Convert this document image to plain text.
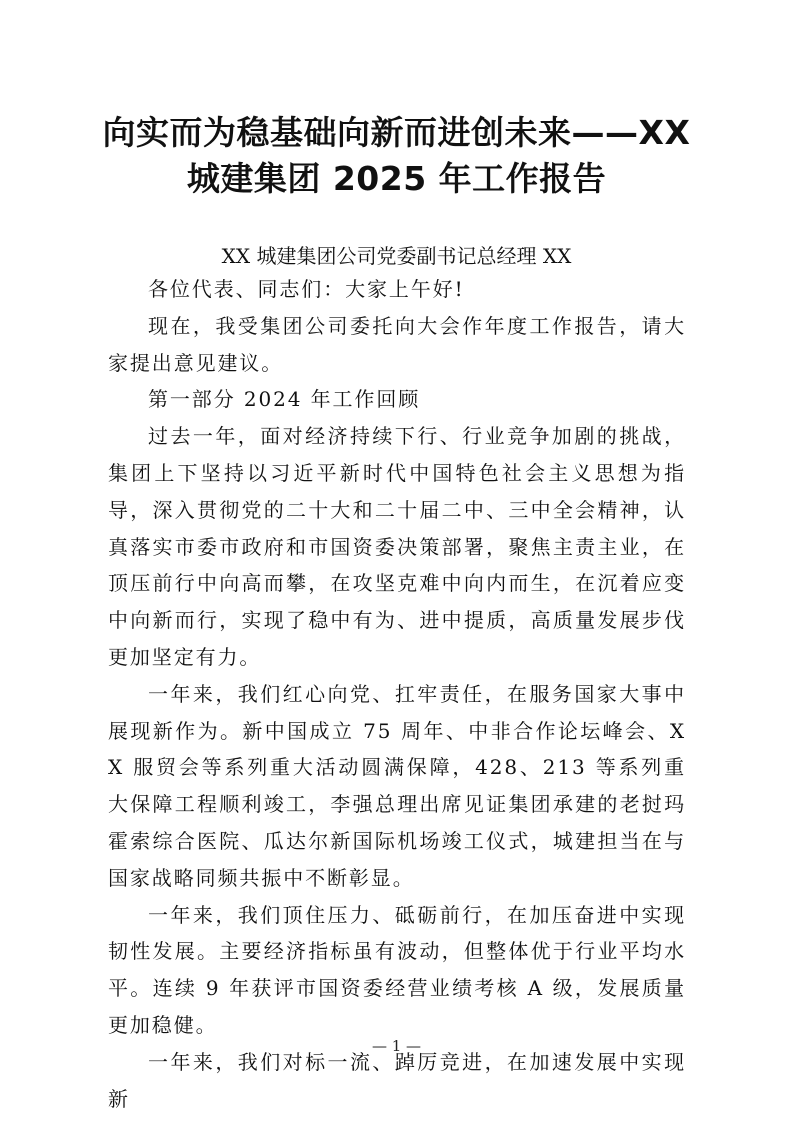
向实而为稳基础向新而进创未来——XX
城建集团 2025 年工作报告

XX 城建集团公司党委副书记总经理 XX

各位代表、同志们：大家上午好!

现在，我受集团公司委托向大会作年度工作报告，请大家提出意见建议。

第一部分 2024 年工作回顾

过去一年，面对经济持续下行、行业竞争加剧的挑战，集团上下坚持以习近平新时代中国特色社会主义思想为指导，深入贯彻党的二十大和二十届二中、三中全会精神，认真落实市委市政府和市国资委决策部署，聚焦主责主业，在顶压前行中向高而攀，在攻坚克难中向内而生，在沉着应变中向新而行，实现了稳中有为、进中提质，高质量发展步伐更加坚定有力。

一年来，我们红心向党、扛牢责任，在服务国家大事中展现新作为。新中国成立 75 周年、中非合作论坛峰会、XX 服贸会等系列重大活动圆满保障，428、213 等系列重大保障工程顺利竣工，李强总理出席见证集团承建的老挝玛霍索综合医院、瓜达尔新国际机场竣工仪式，城建担当在与国家战略同频共振中不断彰显。

一年来，我们顶住压力、砥砺前行，在加压奋进中实现韧性发展。主要经济指标虽有波动，但整体优于行业平均水平。连续 9 年获评市国资委经营业绩考核 A 级，发展质量更加稳健。

一年来，我们对标一流、踔厉竞进，在加速发展中实现新

— 1 —
